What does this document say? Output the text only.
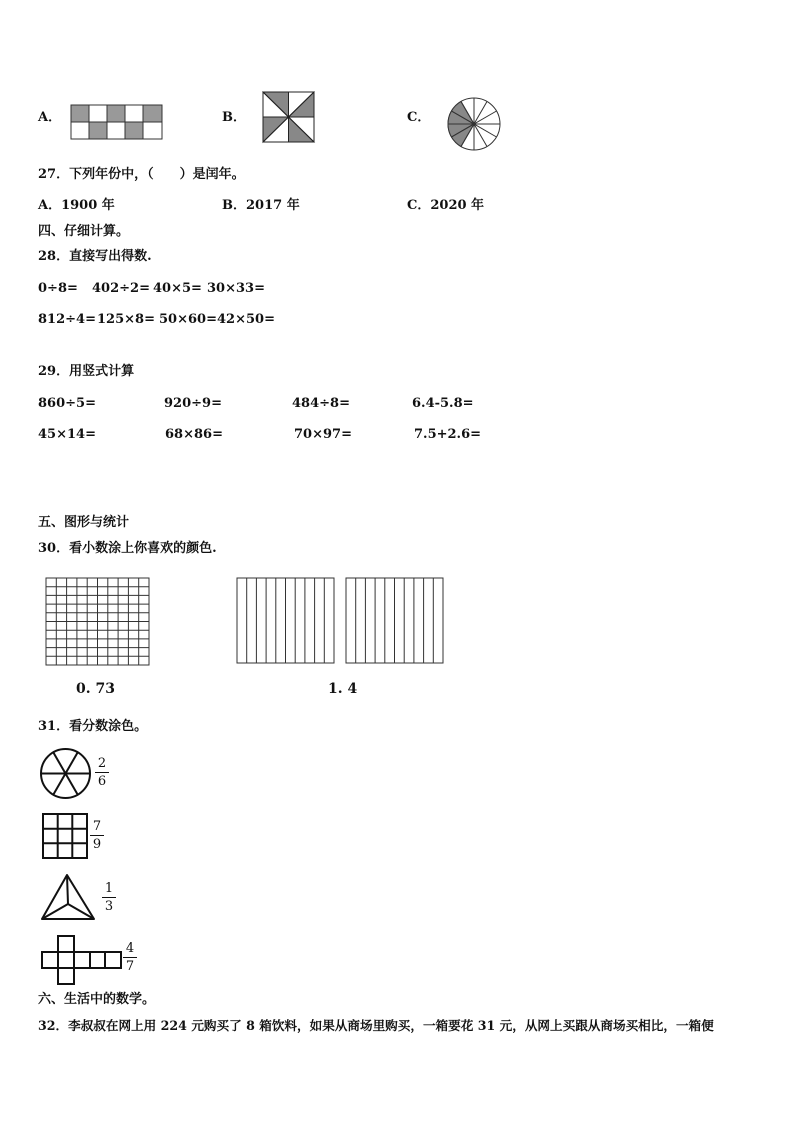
A．	B．	C．
27．下列年份中，（　　）是闰年。
A．1900 年	B．2017 年	C．2020 年
四、仔细计算。
28．直接写出得数.
0÷8= 402÷2= 40×5= 30×33=
812÷4= 125×8= 50×60= 42×50=
29．用竖式计算
860÷5=	920÷9=	484÷8=	6.4-5.8=
45×14=	68×86=	70×97=	7.5+2.6=
五、图形与统计
30．看小数涂上你喜欢的颜色.
0. 73	1. 4
31．看分数涂色。
2
6
7
9
1
3
4
7
六、生活中的数学。
32．李叔叔在网上用 224 元购买了 8 箱饮料，如果从商场里购买，一箱要花 31 元，从网上买跟从商场买相比，一箱便
